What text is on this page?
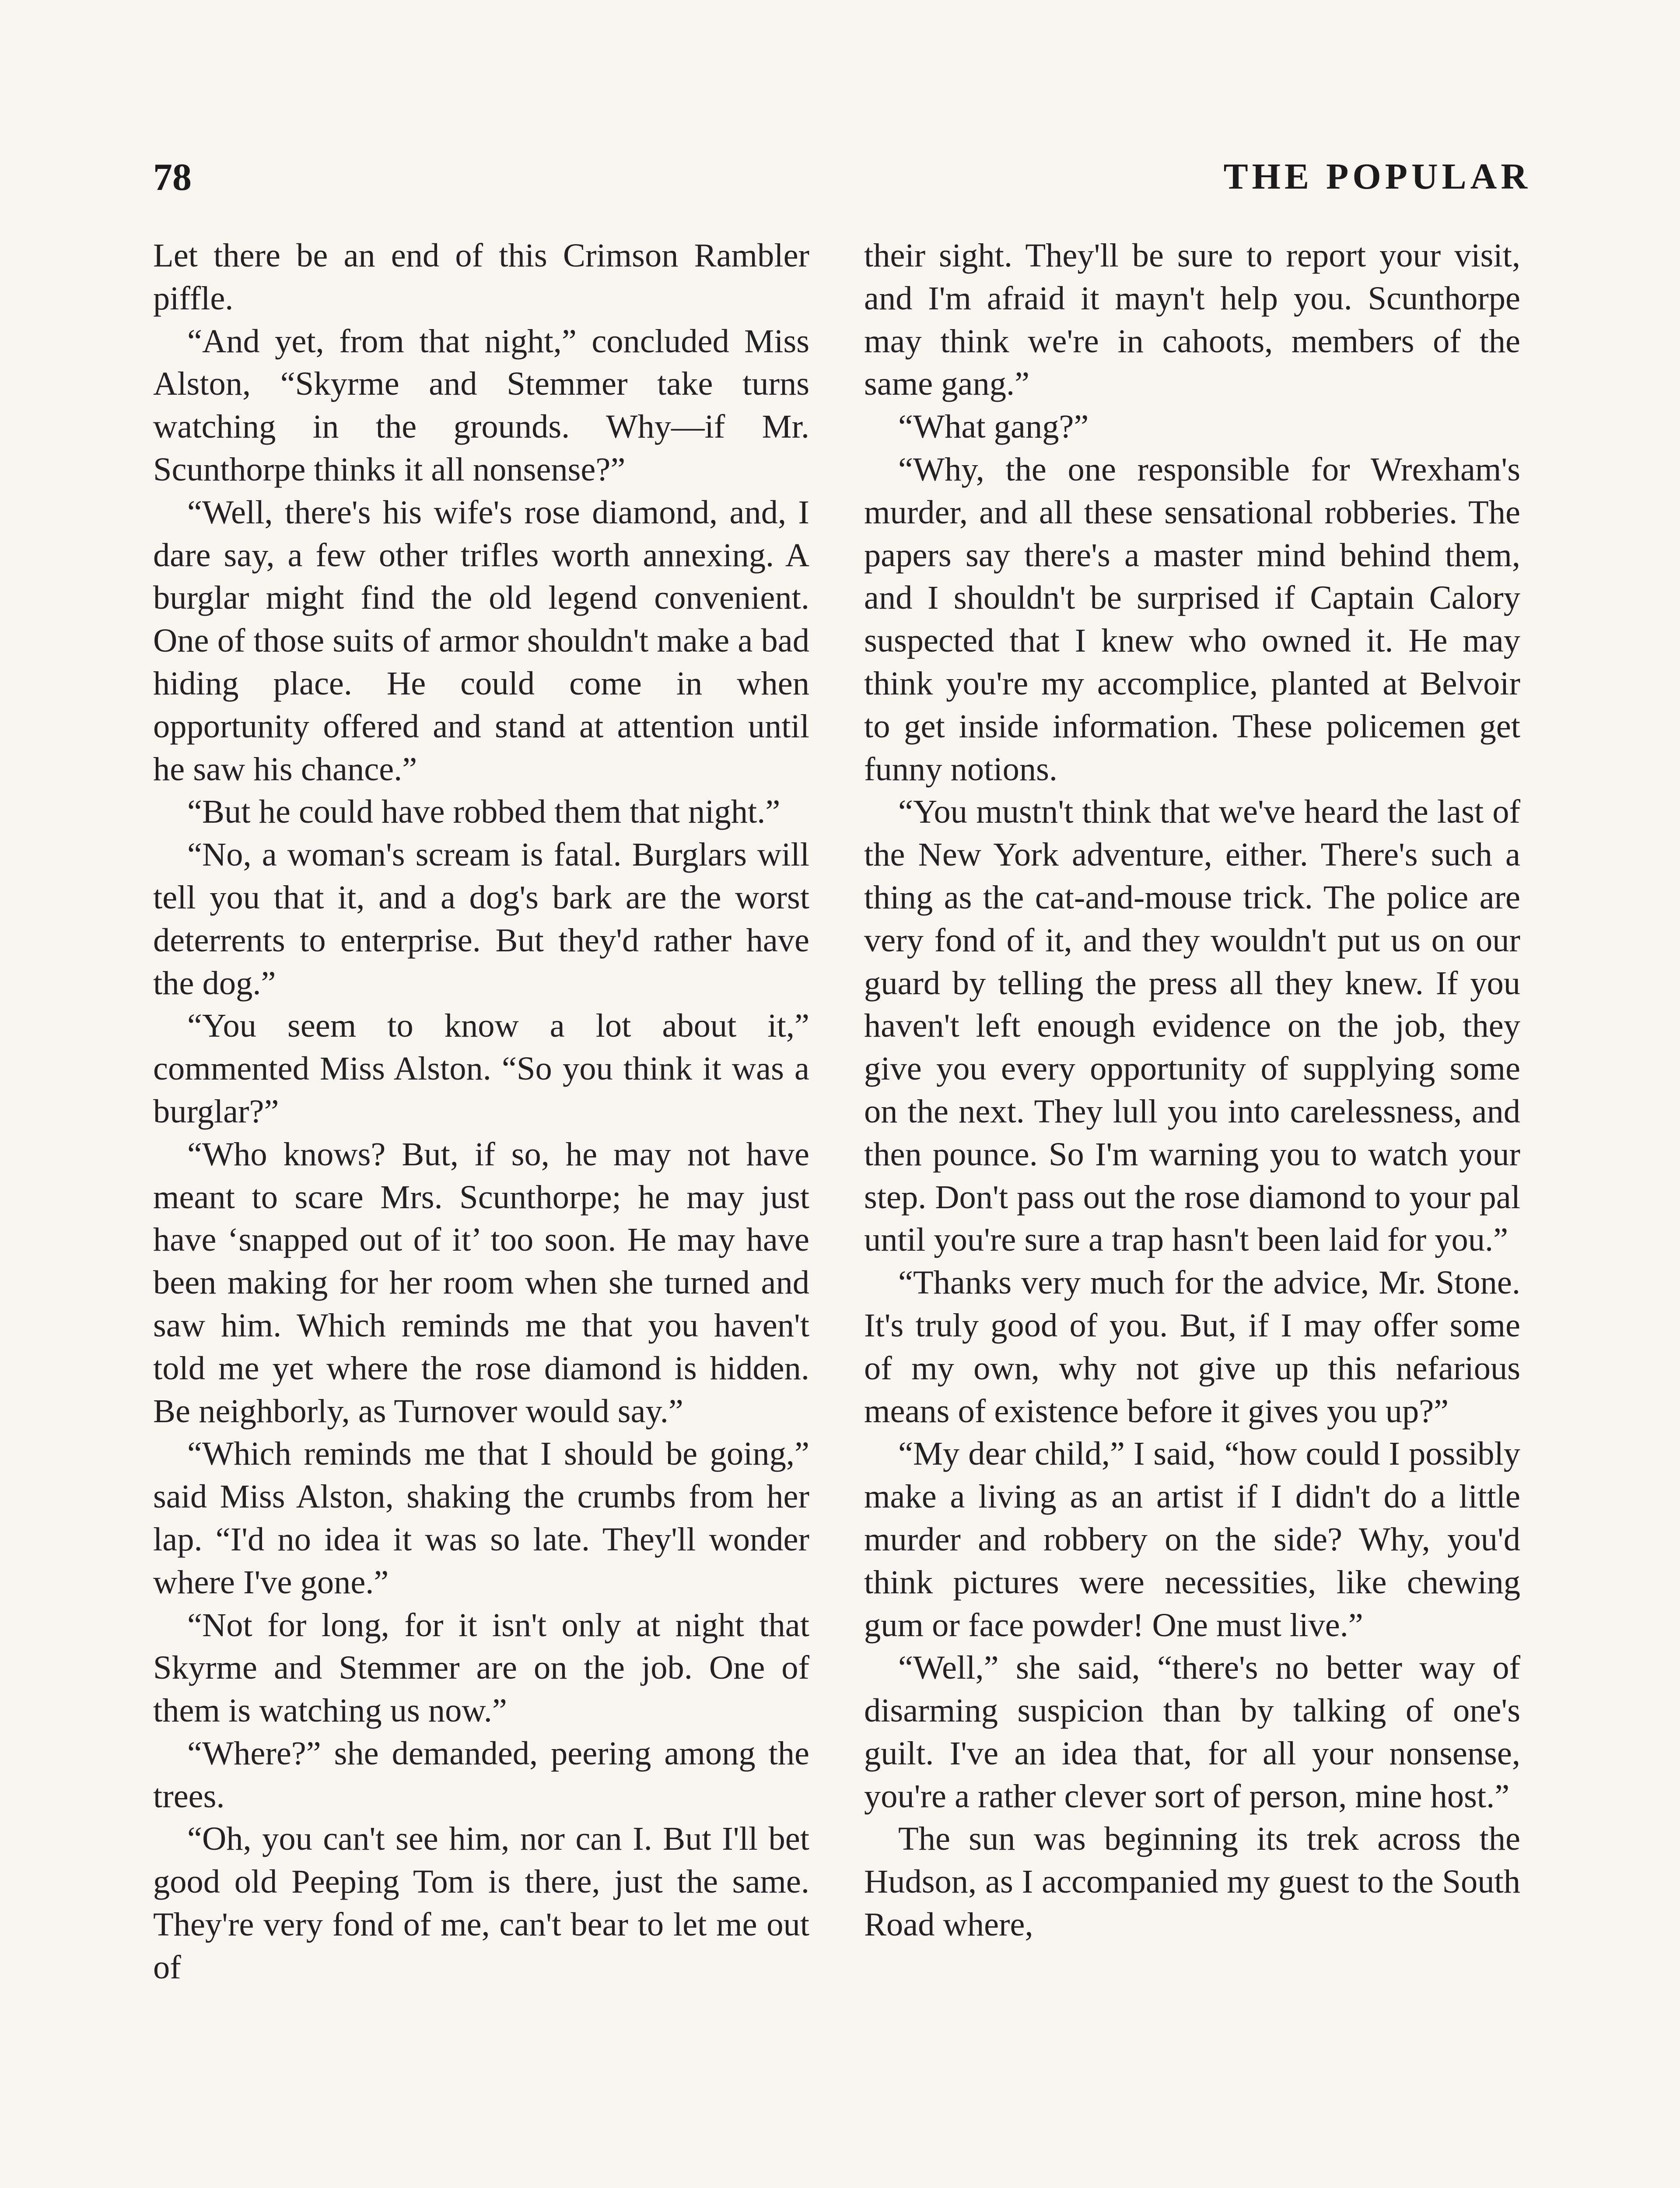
78	THE POPULAR

Let there be an end of this Crimson Rambler piffle.

“And yet, from that night,” concluded Miss Alston, “Skyrme and Stemmer take turns watching in the grounds. Why—if Mr. Scunthorpe thinks it all nonsense?”

“Well, there's his wife's rose diamond, and, I dare say, a few other trifles worth annexing. A burglar might find the old legend convenient. One of those suits of armor shouldn't make a bad hiding place. He could come in when opportunity offered and stand at attention until he saw his chance.”

“But he could have robbed them that night.”

“No, a woman's scream is fatal. Burglars will tell you that it, and a dog's bark are the worst deterrents to enterprise. But they'd rather have the dog.”

“You seem to know a lot about it,” commented Miss Alston. “So you think it was a burglar?”

“Who knows? But, if so, he may not have meant to scare Mrs. Scunthorpe; he may just have ‘snapped out of it’ too soon. He may have been making for her room when she turned and saw him. Which reminds me that you haven't told me yet where the rose diamond is hidden. Be neighborly, as Turnover would say.”

“Which reminds me that I should be going,” said Miss Alston, shaking the crumbs from her lap. “I'd no idea it was so late. They'll wonder where I've gone.”

“Not for long, for it isn't only at night that Skyrme and Stemmer are on the job. One of them is watching us now.”

“Where?” she demanded, peering among the trees.

“Oh, you can't see him, nor can I. But I'll bet good old Peeping Tom is there, just the same. They're very fond of me, can't bear to let me out of

their sight. They'll be sure to report your visit, and I'm afraid it mayn't help you. Scunthorpe may think we're in cahoots, members of the same gang.”

“What gang?”

“Why, the one responsible for Wrexham's murder, and all these sensational robberies. The papers say there's a master mind behind them, and I shouldn't be surprised if Captain Calory suspected that I knew who owned it. He may think you're my accomplice, planted at Belvoir to get inside information. These policemen get funny notions.

“You mustn't think that we've heard the last of the New York adventure, either. There's such a thing as the cat-and-mouse trick. The police are very fond of it, and they wouldn't put us on our guard by telling the press all they knew. If you haven't left enough evidence on the job, they give you every opportunity of supplying some on the next. They lull you into carelessness, and then pounce. So I'm warning you to watch your step. Don't pass out the rose diamond to your pal until you're sure a trap hasn't been laid for you.”

“Thanks very much for the advice, Mr. Stone. It's truly good of you. But, if I may offer some of my own, why not give up this nefarious means of existence before it gives you up?”

“My dear child,” I said, “how could I possibly make a living as an artist if I didn't do a little murder and robbery on the side? Why, you'd think pictures were necessities, like chewing gum or face powder! One must live.”

“Well,” she said, “there's no better way of disarming suspicion than by talking of one's guilt. I've an idea that, for all your nonsense, you're a rather clever sort of person, mine host.”

The sun was beginning its trek across the Hudson, as I accompanied my guest to the South Road where,
